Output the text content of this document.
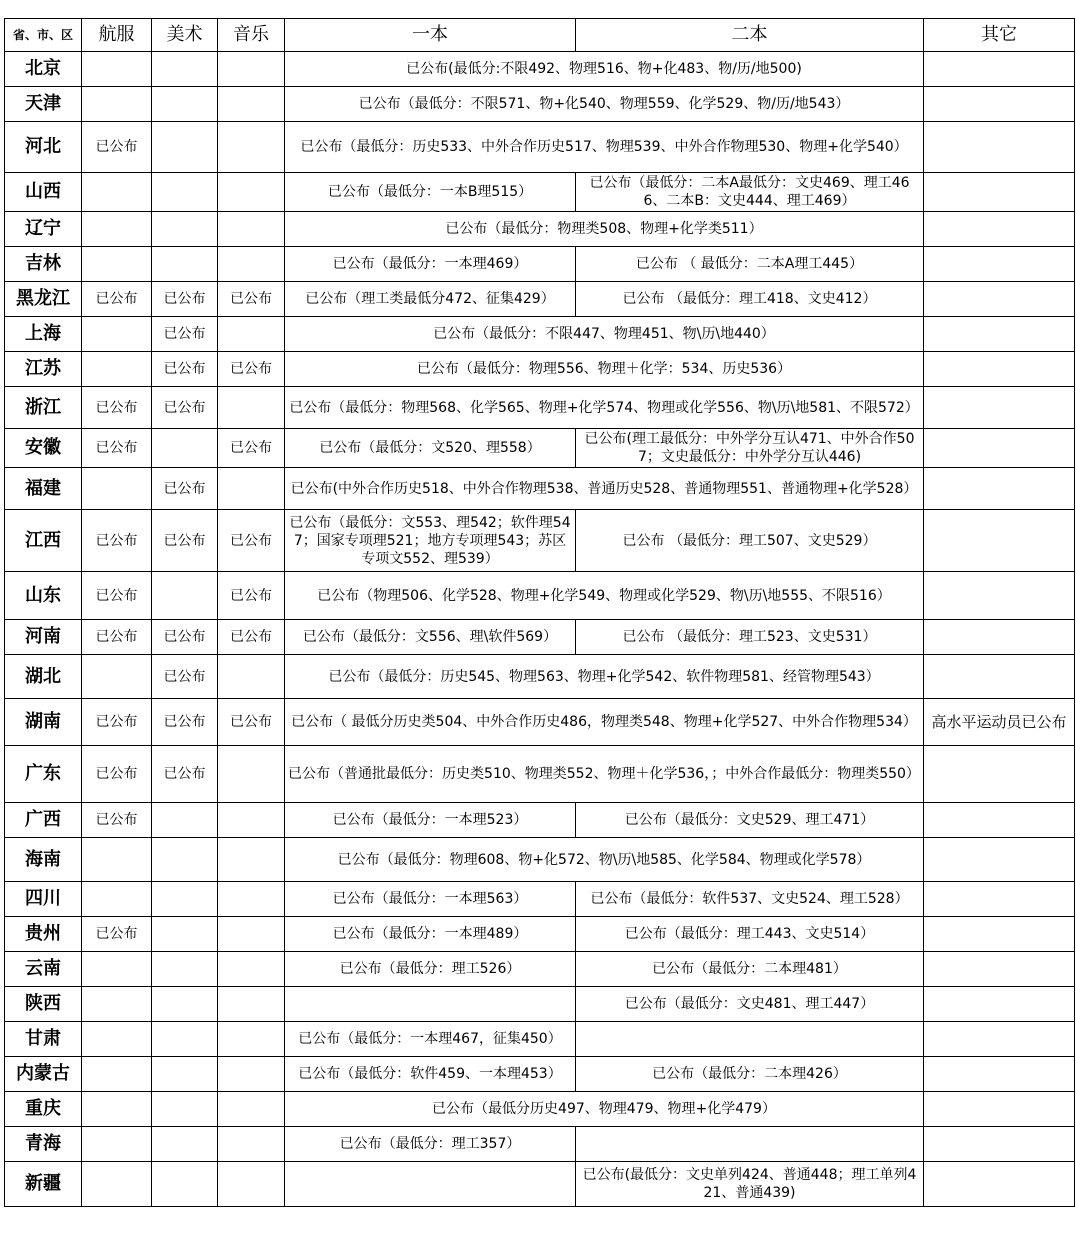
省、市、区	航服	美术	音乐	一本	二本	其它
北京				已公布(最低分:不限492、物理516、物+化483、物/历/地500)		
天津				已公布（最低分：不限571、物+化540、物理559、化学529、物/历/地543）		
河北	已公布			已公布（最低分：历史533、中外合作历史517、物理539、中外合作物理530、物理+化学540）		
山西				已公布（最低分：一本B理515）	已公布（最低分：二本A最低分：文史469、理工466、二本B：文史444、理工469）	
辽宁				已公布（最低分：物理类508、物理+化学类511）		
吉林				已公布（最低分：一本理469）	已公布 （ 最低分：二本A理工445）	
黑龙江	已公布	已公布	已公布	已公布（理工类最低分472、征集429）	已公布 （最低分：理工418、文史412）	
上海		已公布		已公布（最低分：不限447、物理451、物\历\地440）		
江苏		已公布	已公布	已公布（最低分：物理556、物理＋化学：534、历史536）		
浙江	已公布	已公布		已公布（最低分：物理568、化学565、物理+化学574、物理或化学556、物\历\地581、不限572）		
安徽	已公布		已公布	已公布（最低分：文520、理558）	已公布(理工最低分：中外学分互认471、中外合作507；文史最低分：中外学分互认446)	
福建		已公布		已公布(中外合作历史518、中外合作物理538、普通历史528、普通物理551、普通物理+化学528）		
江西	已公布	已公布	已公布	已公布（最低分：文553、理542；软件理547；国家专项理521；地方专项理543；苏区专项文552、理539）	已公布 （最低分：理工507、文史529）	
山东	已公布		已公布	已公布（物理506、化学528、物理+化学549、物理或化学529、物\历\地555、不限516）		
河南	已公布	已公布	已公布	已公布（最低分：文556、理\软件569）	已公布 （最低分：理工523、文史531）	
湖北		已公布		已公布（最低分：历史545、物理563、物理+化学542、软件物理581、经管物理543）		
湖南	已公布	已公布	已公布	已公布（ 最低分历史类504、中外合作历史486，物理类548、物理+化学527、中外合作物理534）		高水平运动员已公布
广东	已公布	已公布		已公布（普通批最低分：历史类510、物理类552、物理＋化学536，；中外合作最低分：物理类550）		
广西	已公布			已公布（最低分：一本理523）	已公布（最低分：文史529、理工471）	
海南				已公布（最低分：物理608、物+化572、物\历\地585、化学584、物理或化学578）		
四川				已公布（最低分：一本理563）	已公布（最低分：软件537、文史524、理工528）	
贵州	已公布			已公布（最低分：一本理489）	已公布（最低分：理工443、文史514）	
云南				已公布（最低分：理工526）	已公布（最低分：二本理481）	
陕西					已公布（最低分：文史481、理工447）	
甘肃				已公布（最低分：一本理467，征集450）		
内蒙古				已公布（最低分：软件459、一本理453）	已公布（最低分：二本理426）	
重庆				已公布（最低分历史497、物理479、物理+化学479）		
青海				已公布（最低分：理工357）		
新疆					已公布(最低分：文史单列424、普通448；理工单列421、普通439)	
